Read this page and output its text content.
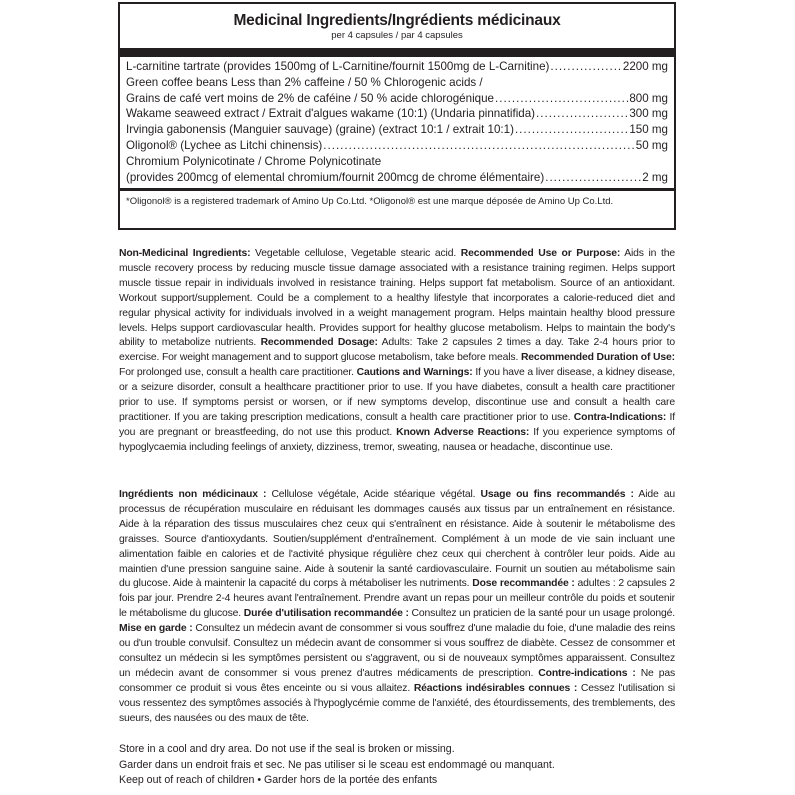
Medicinal Ingredients/Ingrédients médicinaux
per 4 capsules / par 4 capsules
L-carnitine tartrate (provides 1500mg of L-Carnitine/fournit 1500mg de L-Carnitine) .....	2200 mg
Green coffee beans Less than 2% caffeine / 50 % Chlorogenic acids /
Grains de café vert moins de 2% de caféine / 50 % acide chlorogénique .....	800 mg
Wakame seaweed extract / Extrait d'algues wakame (10:1) (Undaria pinnatifida) .....	300 mg
Irvingia gabonensis (Manguier sauvage) (graine) (extract 10:1 / extrait 10:1) .....	150 mg
Oligonol® (Lychee as Litchi chinensis) .....	50 mg
Chromium Polynicotinate / Chrome Polynicotinate
(provides 200mcg of elemental chromium/fournit 200mcg de chrome élémentaire) .....	2 mg
*Oligonol® is a registered trademark of Amino Up Co.Ltd. *Oligonol® est une marque déposée de Amino Up Co.Ltd.
Non-Medicinal Ingredients: Vegetable cellulose, Vegetable stearic acid. Recommended Use or Purpose: Aids in the muscle recovery process by reducing muscle tissue damage associated with a resistance training regimen. Helps support muscle tissue repair in individuals involved in resistance training. Helps support fat metabolism. Source of an antioxidant. Workout support/supplement. Could be a complement to a healthy lifestyle that incorporates a calorie-reduced diet and regular physical activity for individuals involved in a weight management program. Helps maintain healthy blood pressure levels. Helps support cardiovascular health. Provides support for healthy glucose metabolism. Helps to maintain the body's ability to metabolize nutrients. Recommended Dosage: Adults: Take 2 capsules 2 times a day. Take 2-4 hours prior to exercise. For weight management and to support glucose metabolism, take before meals. Recommended Duration of Use: For prolonged use, consult a health care practitioner. Cautions and Warnings: If you have a liver disease, a kidney disease, or a seizure disorder, consult a healthcare practitioner prior to use. If you have diabetes, consult a health care practitioner prior to use. If symptoms persist or worsen, or if new symptoms develop, discontinue use and consult a health care practitioner. If you are taking prescription medications, consult a health care practitioner prior to use. Contra-Indications: If you are pregnant or breastfeeding, do not use this product. Known Adverse Reactions: If you experience symptoms of hypoglycaemia including feelings of anxiety, dizziness, tremor, sweating, nausea or headache, discontinue use.
Ingrédients non médicinaux : Cellulose végétale, Acide stéarique végétal. Usage ou fins recommandés : Aide au processus de récupération musculaire en réduisant les dommages causés aux tissus par un entraînement en résistance. Aide à la réparation des tissus musculaires chez ceux qui s'entraînent en résistance. Aide à soutenir le métabolisme des graisses. Source d'antioxydants. Soutien/supplément d'entraînement. Complément à un mode de vie sain incluant une alimentation faible en calories et de l'activité physique régulière chez ceux qui cherchent à contrôler leur poids. Aide au maintien d'une pression sanguine saine. Aide à soutenir la santé cardiovasculaire. Fournit un soutien au métabolisme sain du glucose. Aide à maintenir la capacité du corps à métaboliser les nutriments. Dose recommandée : adultes : 2 capsules 2 fois par jour. Prendre 2-4 heures avant l'entraînement. Prendre avant un repas pour un meilleur contrôle du poids et soutenir le métabolisme du glucose. Durée d'utilisation recommandée : Consultez un praticien de la santé pour un usage prolongé. Mise en garde : Consultez un médecin avant de consommer si vous souffrez d'une maladie du foie, d'une maladie des reins ou d'un trouble convulsif. Consultez un médecin avant de consommer si vous souffrez de diabète. Cessez de consommer et consultez un médecin si les symptômes persistent ou s'aggravent, ou si de nouveaux symptômes apparaissent. Consultez un médecin avant de consommer si vous prenez d'autres médicaments de prescription. Contre-indications : Ne pas consommer ce produit si vous êtes enceinte ou si vous allaitez. Réactions indésirables connues : Cessez l'utilisation si vous ressentez des symptômes associés à l'hypoglycémie comme de l'anxiété, des étourdissements, des tremblements, des sueurs, des nausées ou des maux de tête.
Store in a cool and dry area. Do not use if the seal is broken or missing.
Garder dans un endroit frais et sec. Ne pas utiliser si le sceau est endommagé ou manquant.
Keep out of reach of children • Garder hors de la portée des enfants
